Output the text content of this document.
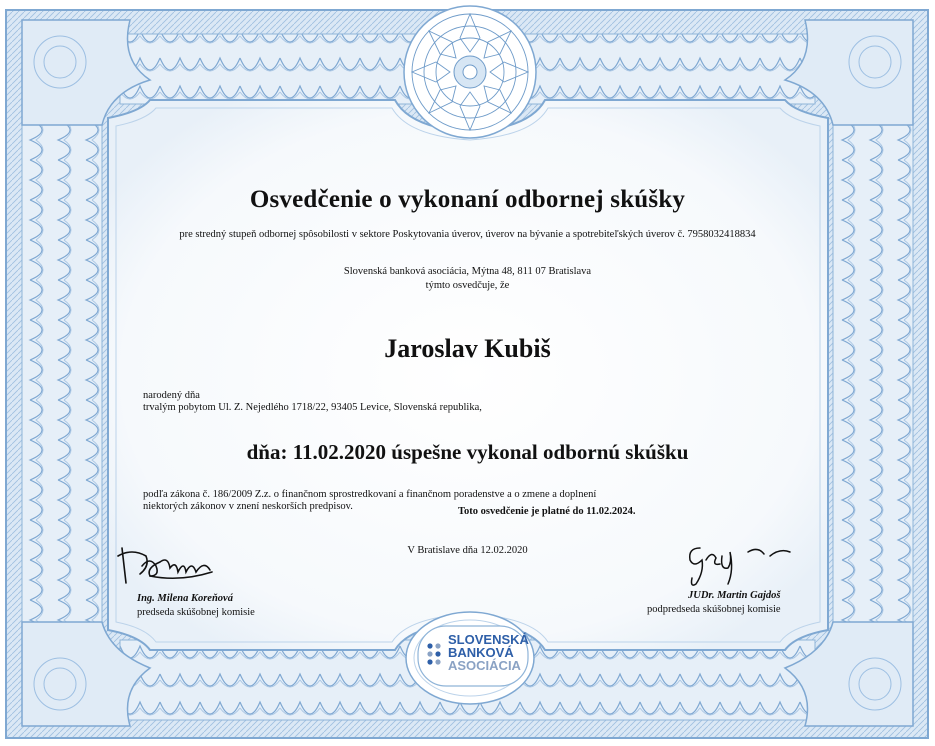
Osvedčenie o vykonaní odbornej skúšky
pre stredný stupeň odbornej spôsobilosti v sektore Poskytovania úverov, úverov na bývanie a spotrebiteľských úverov č. 7958032418834
Slovenská banková asociácia, Mýtna 48, 811 07 Bratislava
týmto osvedčuje, že
Jaroslav Kubiš
narodený dňa
trvalým pobytom Ul. Z. Nejedlého 1718/22, 93405 Levice, Slovenská republika,
dňa: 11.02.2020 úspešne vykonal odbornú skúšku
podľa zákona č. 186/2009 Z.z. o finančnom sprostredkovaní a finančnom poradenstve a o zmene a doplnení
niektorých zákonov v znení neskorších predpisov.	Toto osvedčenie je platné do 11.02.2024.
V Bratislave dňa 12.02.2020
Ing. Milena Koreňová
predseda skúšobnej komisie
JUDr. Martin Gajdoš
podpredseda skúšobnej komisie
SLOVENSKÁ
BANKOVÁ
ASOCIÁCIA
